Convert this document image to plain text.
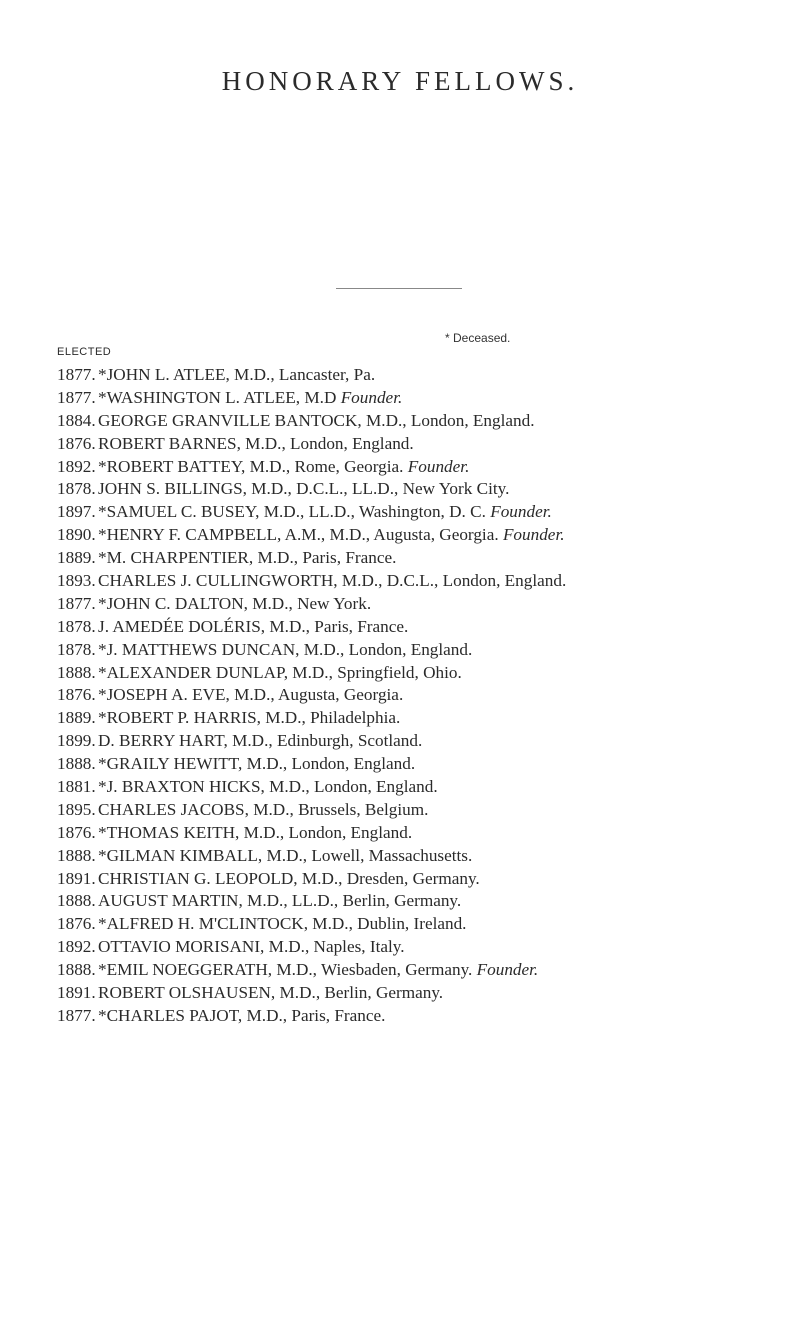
HONORARY FELLOWS.
* Deceased.
ELECTED
1877. *JOHN L. ATLEE, M.D., Lancaster, Pa.
1877. *WASHINGTON L. ATLEE, M.D Founder.
1884. GEORGE GRANVILLE BANTOCK, M.D., London, England.
1876. ROBERT BARNES, M.D., London, England.
1892. *ROBERT BATTEY, M.D., Rome, Georgia. Founder.
1878. JOHN S. BILLINGS, M.D., D.C.L., LL.D., New York City.
1897. *SAMUEL C. BUSEY, M.D., LL.D., Washington, D. C. Founder.
1890. *HENRY F. CAMPBELL, A.M., M.D., Augusta, Georgia. Founder.
1889. *M. CHARPENTIER, M.D., Paris, France.
1893. CHARLES J. CULLINGWORTH, M.D., D.C.L., London, England.
1877. *JOHN C. DALTON, M.D., New York.
1878. J. AMEDÉE DOLÉRIS, M.D., Paris, France.
1878. *J. MATTHEWS DUNCAN, M.D., London, England.
1888. *ALEXANDER DUNLAP, M.D., Springfield, Ohio.
1876. *JOSEPH A. EVE, M.D., Augusta, Georgia.
1889. *ROBERT P. HARRIS, M.D., Philadelphia.
1899. D. BERRY HART, M.D., Edinburgh, Scotland.
1888. *GRAILY HEWITT, M.D., London, England.
1881. *J. BRAXTON HICKS, M.D., London, England.
1895. CHARLES JACOBS, M.D., Brussels, Belgium.
1876. *THOMAS KEITH, M.D., London, England.
1888. *GILMAN KIMBALL, M.D., Lowell, Massachusetts.
1891. CHRISTIAN G. LEOPOLD, M.D., Dresden, Germany.
1888. AUGUST MARTIN, M.D., LL.D., Berlin, Germany.
1876. *ALFRED H. M'CLINTOCK, M.D., Dublin, Ireland.
1892. OTTAVIO MORISANI, M.D., Naples, Italy.
1888. *EMIL NOEGGERATH, M.D., Wiesbaden, Germany. Founder.
1891. ROBERT OLSHAUSEN, M.D., Berlin, Germany.
1877. *CHARLES PAJOT, M.D., Paris, France.
